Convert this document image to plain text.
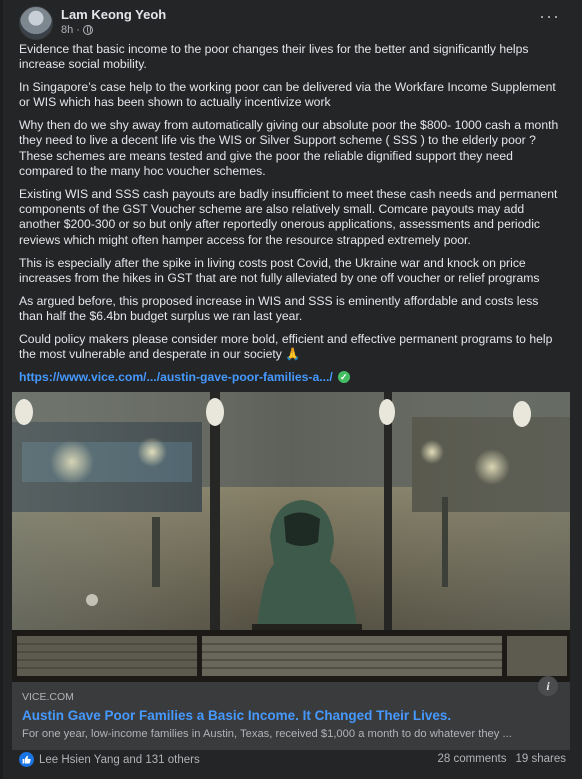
Lam Keong Yeoh
8h ·
···

Evidence that basic income to the poor changes their lives for the better and significantly helps increase social mobility.

In Singapore’s case help to the working poor can be delivered via the Workfare Income Supplement or WIS which has been shown to actually incentivize work

Why then do we shy away from automatically giving our absolute poor the $800- 1000 cash a month they need to live a decent life vis the WIS or Silver Support scheme ( SSS ) to the elderly poor ? These schemes are means tested and give the poor the reliable dignified support they need compared to the many hoc voucher schemes.

Existing WIS and SSS cash payouts are badly insufficient to meet these cash needs and permanent components of the GST Voucher scheme are also relatively small. Comcare payouts may add another $200-300 or so but only after reportedly onerous applications, assessments and periodic reviews which might often hamper access for the resource strapped extremely poor.

This is especially after the spike in living costs post Covid, the Ukraine war and knock on price increases from the hikes in GST that are not fully alleviated by one off voucher or relief programs

As argued before, this proposed increase in WIS and SSS is eminently affordable and costs less than half the $6.4bn budget surplus we ran last year.

Could policy makers please consider more bold, efficient and effective permanent programs to help the most vulnerable and desperate in our society 🙏

https://www.vice.com/.../austin-gave-poor-families-a.../ ✓
VICE.COM
i
Austin Gave Poor Families a Basic Income. It Changed Their Lives.
For one year, low-income families in Austin, Texas, received $1,000 a month to do whatever they ...
Lee Hsien Yang and 131 others	28 comments 19 shares
